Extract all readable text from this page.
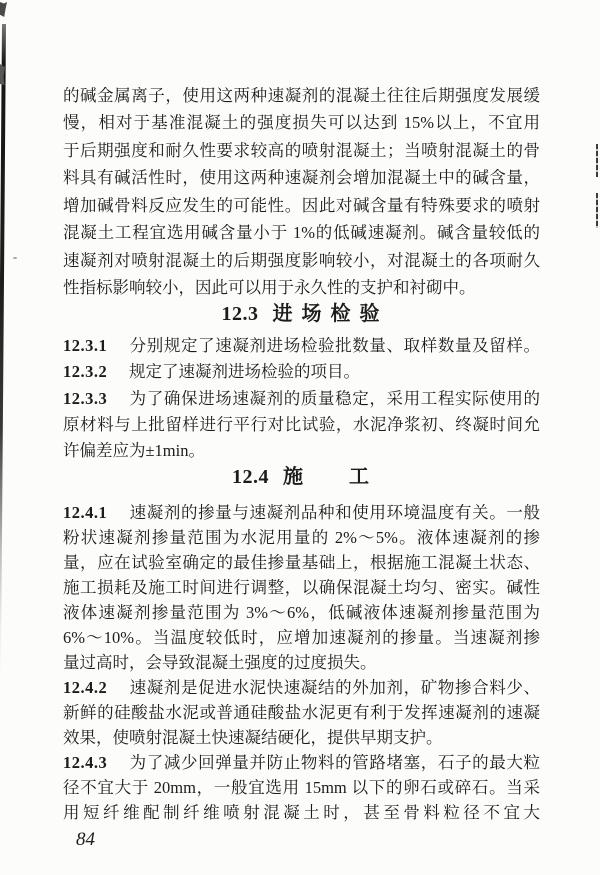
的碱金属离子，使用这两种速凝剂的混凝土往往后期强度发展缓
慢，相对于基准混凝土的强度损失可以达到 15%以上，不宜用
于后期强度和耐久性要求较高的喷射混凝土；当喷射混凝土的骨
料具有碱活性时，使用这两种速凝剂会增加混凝土中的碱含量，
增加碱骨料反应发生的可能性。因此对碱含量有特殊要求的喷射
混凝土工程宜选用碱含量小于 1%的低碱速凝剂。碱含量较低的
速凝剂对喷射混凝土的后期强度影响较小，对混凝土的各项耐久
性指标影响较小，因此可以用于永久性的支护和衬砌中。
12.3 进 场 检 验
12.3.1 分别规定了速凝剂进场检验批数量、取样数量及留样。
12.3.2 规定了速凝剂进场检验的项目。
12.3.3 为了确保进场速凝剂的质量稳定，采用工程实际使用的
原材料与上批留样进行平行对比试验，水泥净浆初、终凝时间允
许偏差应为±1min。
12.4 施　　工
12.4.1 速凝剂的掺量与速凝剂品种和使用环境温度有关。一般
粉状速凝剂掺量范围为水泥用量的 2%～5%。液体速凝剂的掺
量，应在试验室确定的最佳掺量基础上，根据施工混凝土状态、
施工损耗及施工时间进行调整，以确保混凝土均匀、密实。碱性
液体速凝剂掺量范围为 3%～6%，低碱液体速凝剂掺量范围为
6%～10%。当温度较低时，应增加速凝剂的掺量。当速凝剂掺
量过高时，会导致混凝土强度的过度损失。
12.4.2 速凝剂是促进水泥快速凝结的外加剂，矿物掺合料少、
新鲜的硅酸盐水泥或普通硅酸盐水泥更有利于发挥速凝剂的速凝
效果，使喷射混凝土快速凝结硬化，提供早期支护。
12.4.3 为了减少回弹量并防止物料的管路堵塞，石子的最大粒
径不宜大于 20mm，一般宜选用 15mm 以下的卵石或碎石。当采
用短纤维配制纤维喷射混凝土时，甚至骨料粒径不宜大
84
